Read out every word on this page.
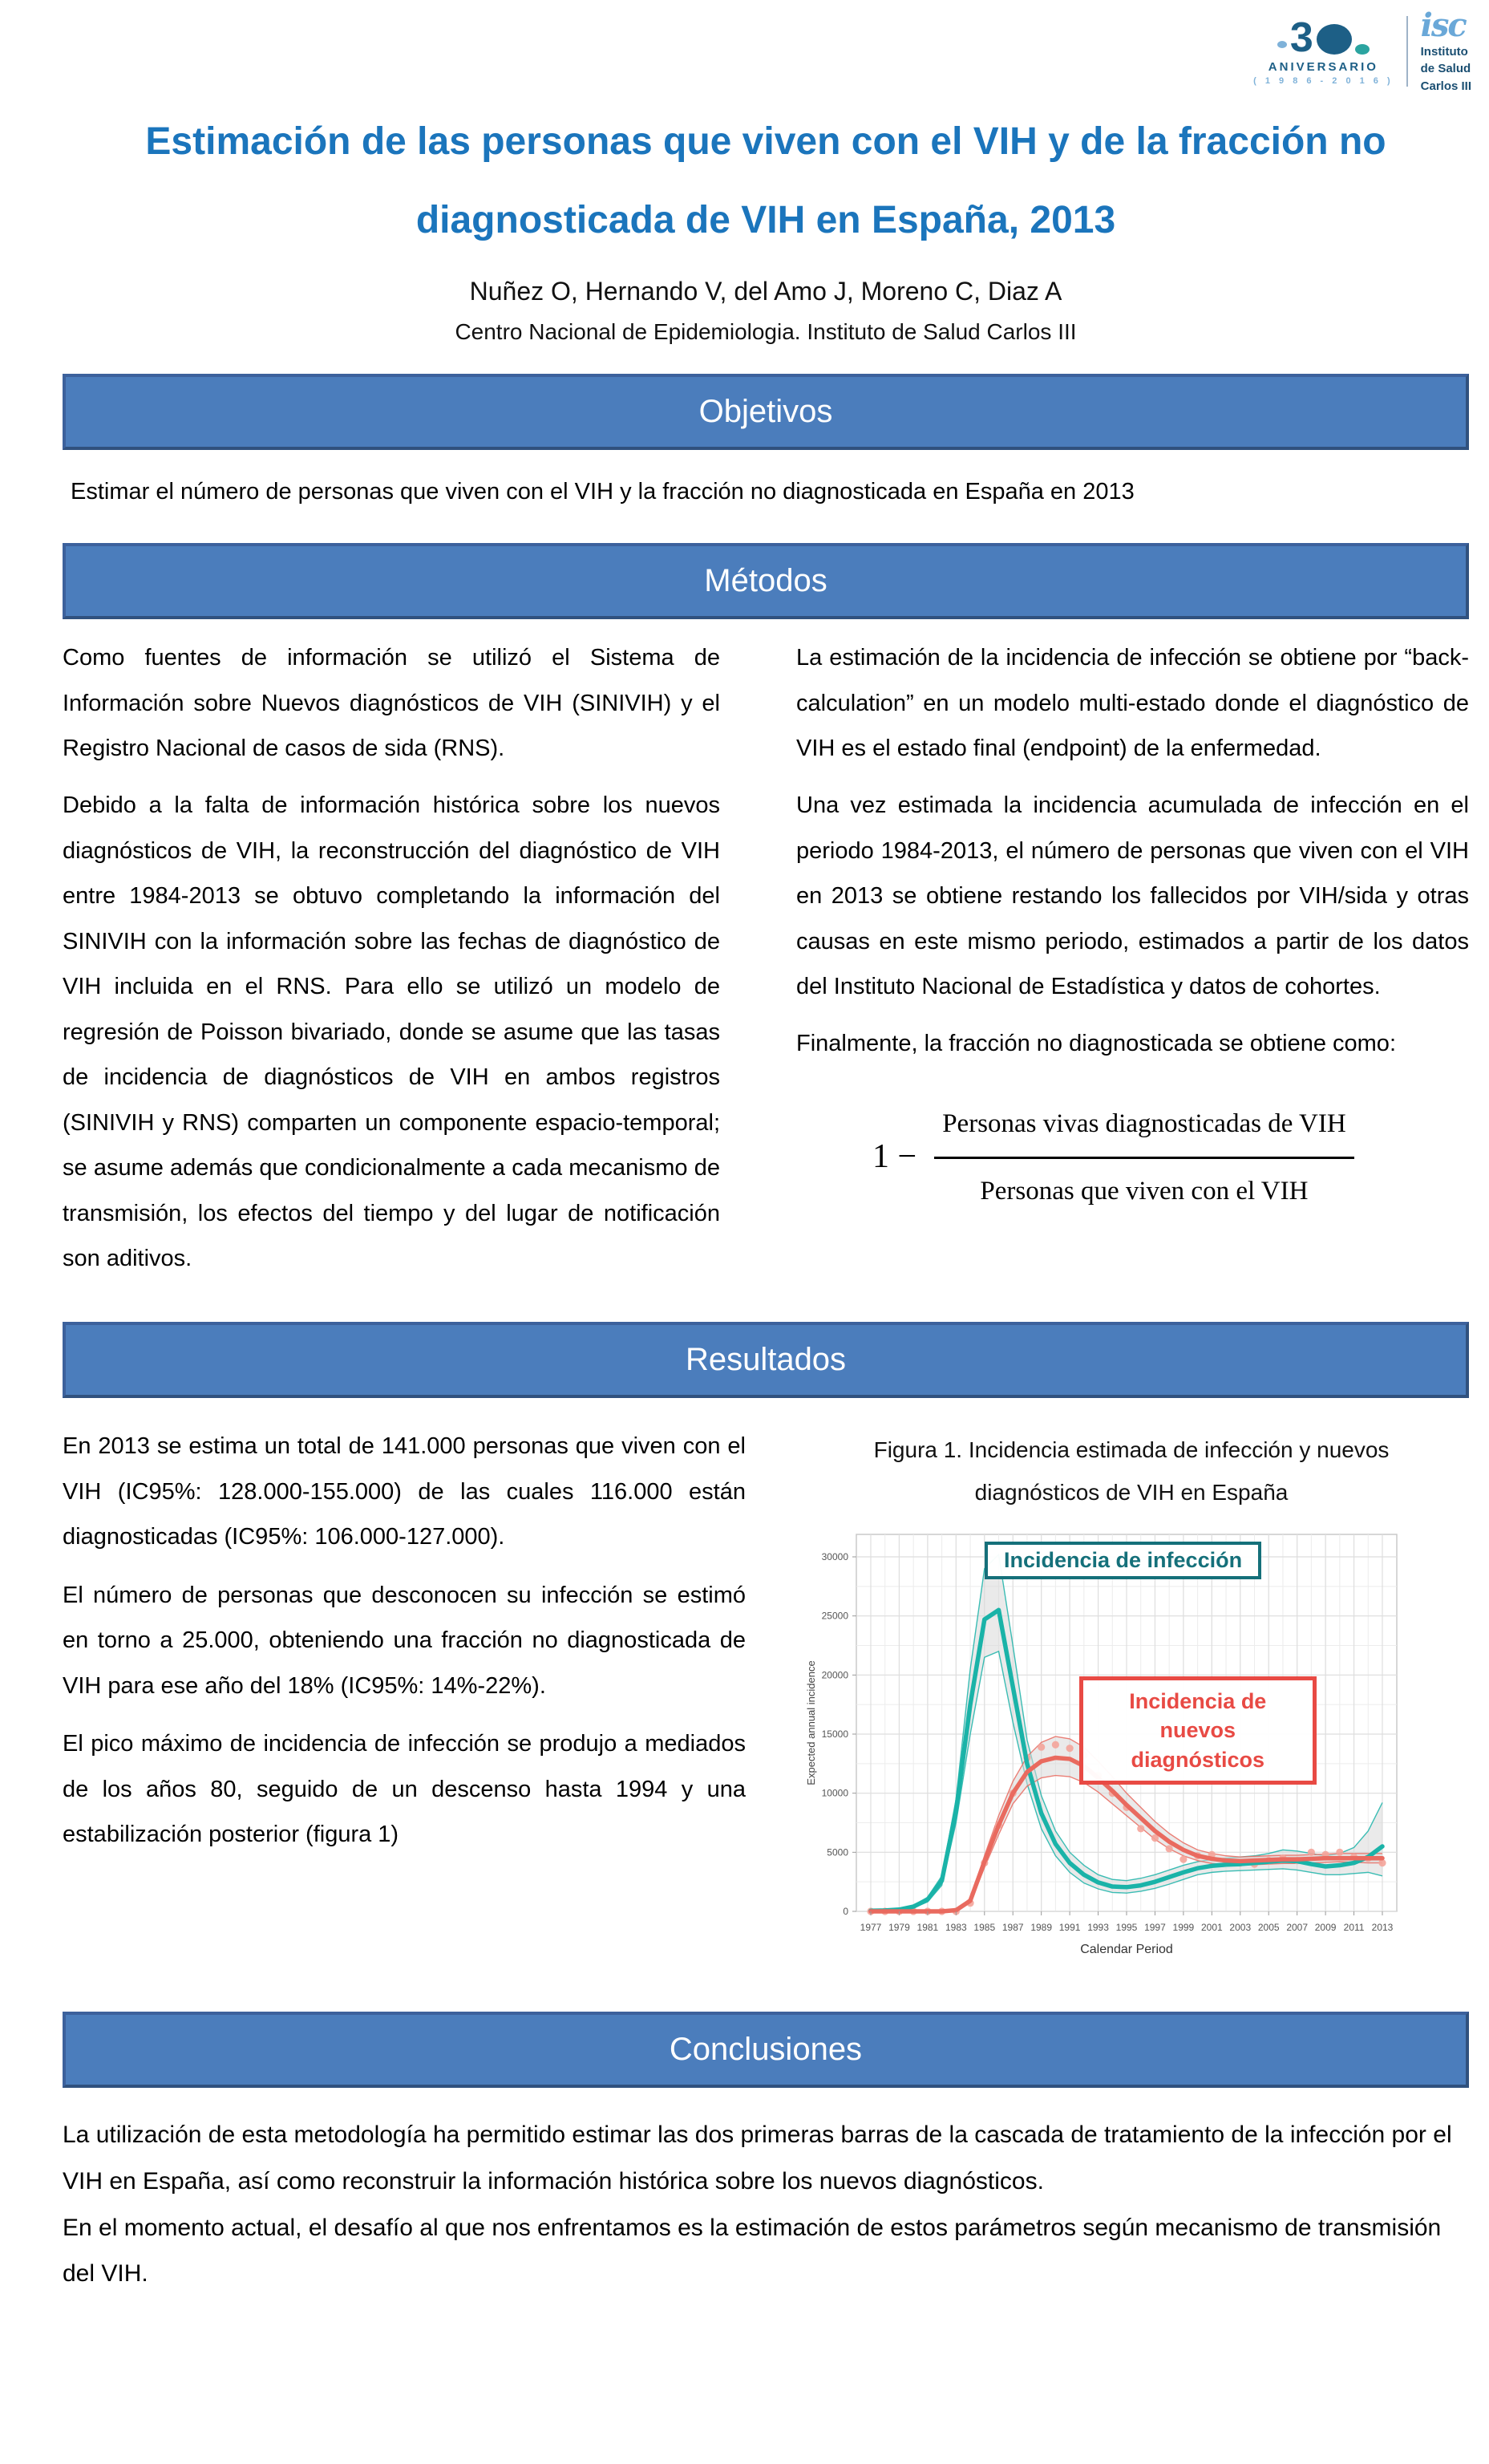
3
ANIVERSARIO
( 1 9 8 6 - 2 0 1 6 )
isc
Instituto
de Salud
Carlos III
Estimación de las personas que viven con el VIH y de la fracción no diagnosticada de VIH en España, 2013
Nuñez O, Hernando V, del Amo J, Moreno C, Diaz A
Centro Nacional de Epidemiologia. Instituto de Salud Carlos III
Objetivos
Estimar el número de personas que viven con el VIH y la fracción no diagnosticada en España en 2013
Métodos

Como fuentes de información se utilizó el Sistema de Información sobre Nuevos diagnósticos de VIH (SINIVIH) y el Registro Nacional de casos de sida (RNS).

Debido a la falta de información histórica sobre los nuevos diagnósticos de VIH, la reconstrucción del diagnóstico de VIH entre 1984-2013 se obtuvo completando la información del SINIVIH con la información sobre las fechas de diagnóstico de VIH incluida en el RNS. Para ello se utilizó un modelo de regresión de Poisson bivariado, donde se asume que las tasas de incidencia de diagnósticos de VIH en ambos registros (SINIVIH y RNS) comparten un componente espacio-temporal; se asume además que condicionalmente a cada mecanismo de transmisión, los efectos del tiempo y del lugar de notificación son aditivos.

La estimación de la incidencia de infección se obtiene por “back-calculation” en un modelo multi-estado donde el diagnóstico de VIH es el estado final (endpoint) de la enfermedad.

Una vez estimada la incidencia acumulada de infección en el periodo 1984-2013, el número de personas que viven con el VIH en 2013 se obtiene restando los fallecidos por VIH/sida y otras causas en este mismo periodo, estimados a partir de los datos del Instituto Nacional de Estadística y datos de cohortes.

Finalmente, la fracción no diagnosticada se obtiene como:

$1 - \frac{\text{Personas vivas diagnosticadas de VIH}}{\text{Personas que viven con el VIH}}$
Resultados

En 2013 se estima un total de 141.000 personas que viven con el VIH (IC95%: 128.000-155.000) de las cuales 116.000 están diagnosticadas (IC95%: 106.000-127.000).

El número de personas que desconocen su infección se estimó en torno a 25.000, obteniendo una fracción no diagnosticada de VIH para ese año del 18% (IC95%: 14%-22%).

El pico máximo de incidencia de infección se produjo a mediados de los años 80, seguido de un descenso hasta 1994 y una estabilización posterior (figura 1)

Figura 1. Incidencia estimada de infección y nuevos diagnósticos de VIH en España
1977 1979 1981 1983 1985 1987 1989 1991 1993 1995 1997 1999 2001 2003 2005 2007 2009 2011 2013
0
5000
10000
15000
20000
25000
30000
Calendar Period
Expected annual incidence
Incidencia de infección
Incidencia de nuevos diagnósticos
Conclusiones

La utilización de esta metodología ha permitido estimar las dos primeras barras de la cascada de tratamiento de la infección por el VIH en España, así como reconstruir la información histórica sobre los nuevos diagnósticos.

En el momento actual, el desafío al que nos enfrentamos es la estimación de estos parámetros según mecanismo de transmisión del VIH.
